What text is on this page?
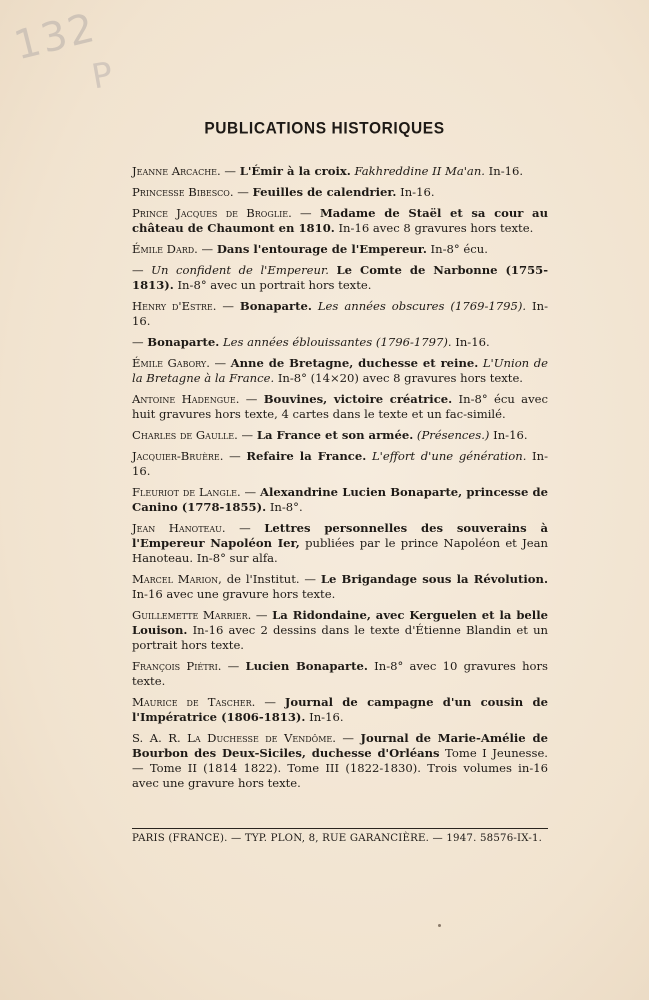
132
P
PUBLICATIONS HISTORIQUES
Jeanne Arcache. — L'Émir à la croix. Fakhreddine II Ma'an. In-16.
Princesse Bibesco. — Feuilles de calendrier. In-16.
Prince Jacques de Broglie. — Madame de Staël et sa cour au château de Chaumont en 1810. In-16 avec 8 gravures hors texte.
Émile Dard. — Dans l'entourage de l'Empereur. In-8° écu.
— Un confident de l'Empereur. Le Comte de Narbonne (1755-1813). In-8° avec un portrait hors texte.
Henry d'Estre. — Bonaparte. Les années obscures (1769-1795). In-16.
— Bonaparte. Les années éblouissantes (1796-1797). In-16.
Émile Gabory. — Anne de Bretagne, duchesse et reine. L'Union de la Bretagne à la France. In-8° (14×20) avec 8 gravures hors texte.
Antoine Hadengue. — Bouvines, victoire créatrice. In-8° écu avec huit gravures hors texte, 4 cartes dans le texte et un fac-similé.
Charles de Gaulle. — La France et son armée. (Présences.) In-16.
Jacquier-Bruère. — Refaire la France. L'effort d'une génération. In-16.
Fleuriot de Langle. — Alexandrine Lucien Bonaparte, princesse de Canino (1778-1855). In-8°.
Jean Hanoteau. — Lettres personnelles des souverains à l'Empereur Napoléon Ier, publiées par le prince Napoléon et Jean Hanoteau. In-8° sur alfa.
Marcel Marion, de l'Institut. — Le Brigandage sous la Révolution. In-16 avec une gravure hors texte.
Guillemette Marrier. — La Ridondaine, avec Kerguelen et la belle Louison. In-16 avec 2 dessins dans le texte d'Étienne Blandin et un portrait hors texte.
François Piétri. — Lucien Bonaparte. In-8° avec 10 gravures hors texte.
Maurice de Tascher. — Journal de campagne d'un cousin de l'Impératrice (1806-1813). In-16.
S. A. R. La Duchesse de Vendôme. — Journal de Marie-Amélie de Bourbon des Deux-Siciles, duchesse d'Orléans Tome I Jeunesse. — Tome II (1814 1822). Tome III (1822-1830). Trois volumes in-16 avec une gravure hors texte.
PARIS (FRANCE). — TYP. PLON, 8, RUE GARANCIÈRE. — 1947. 58576-IX-1.
